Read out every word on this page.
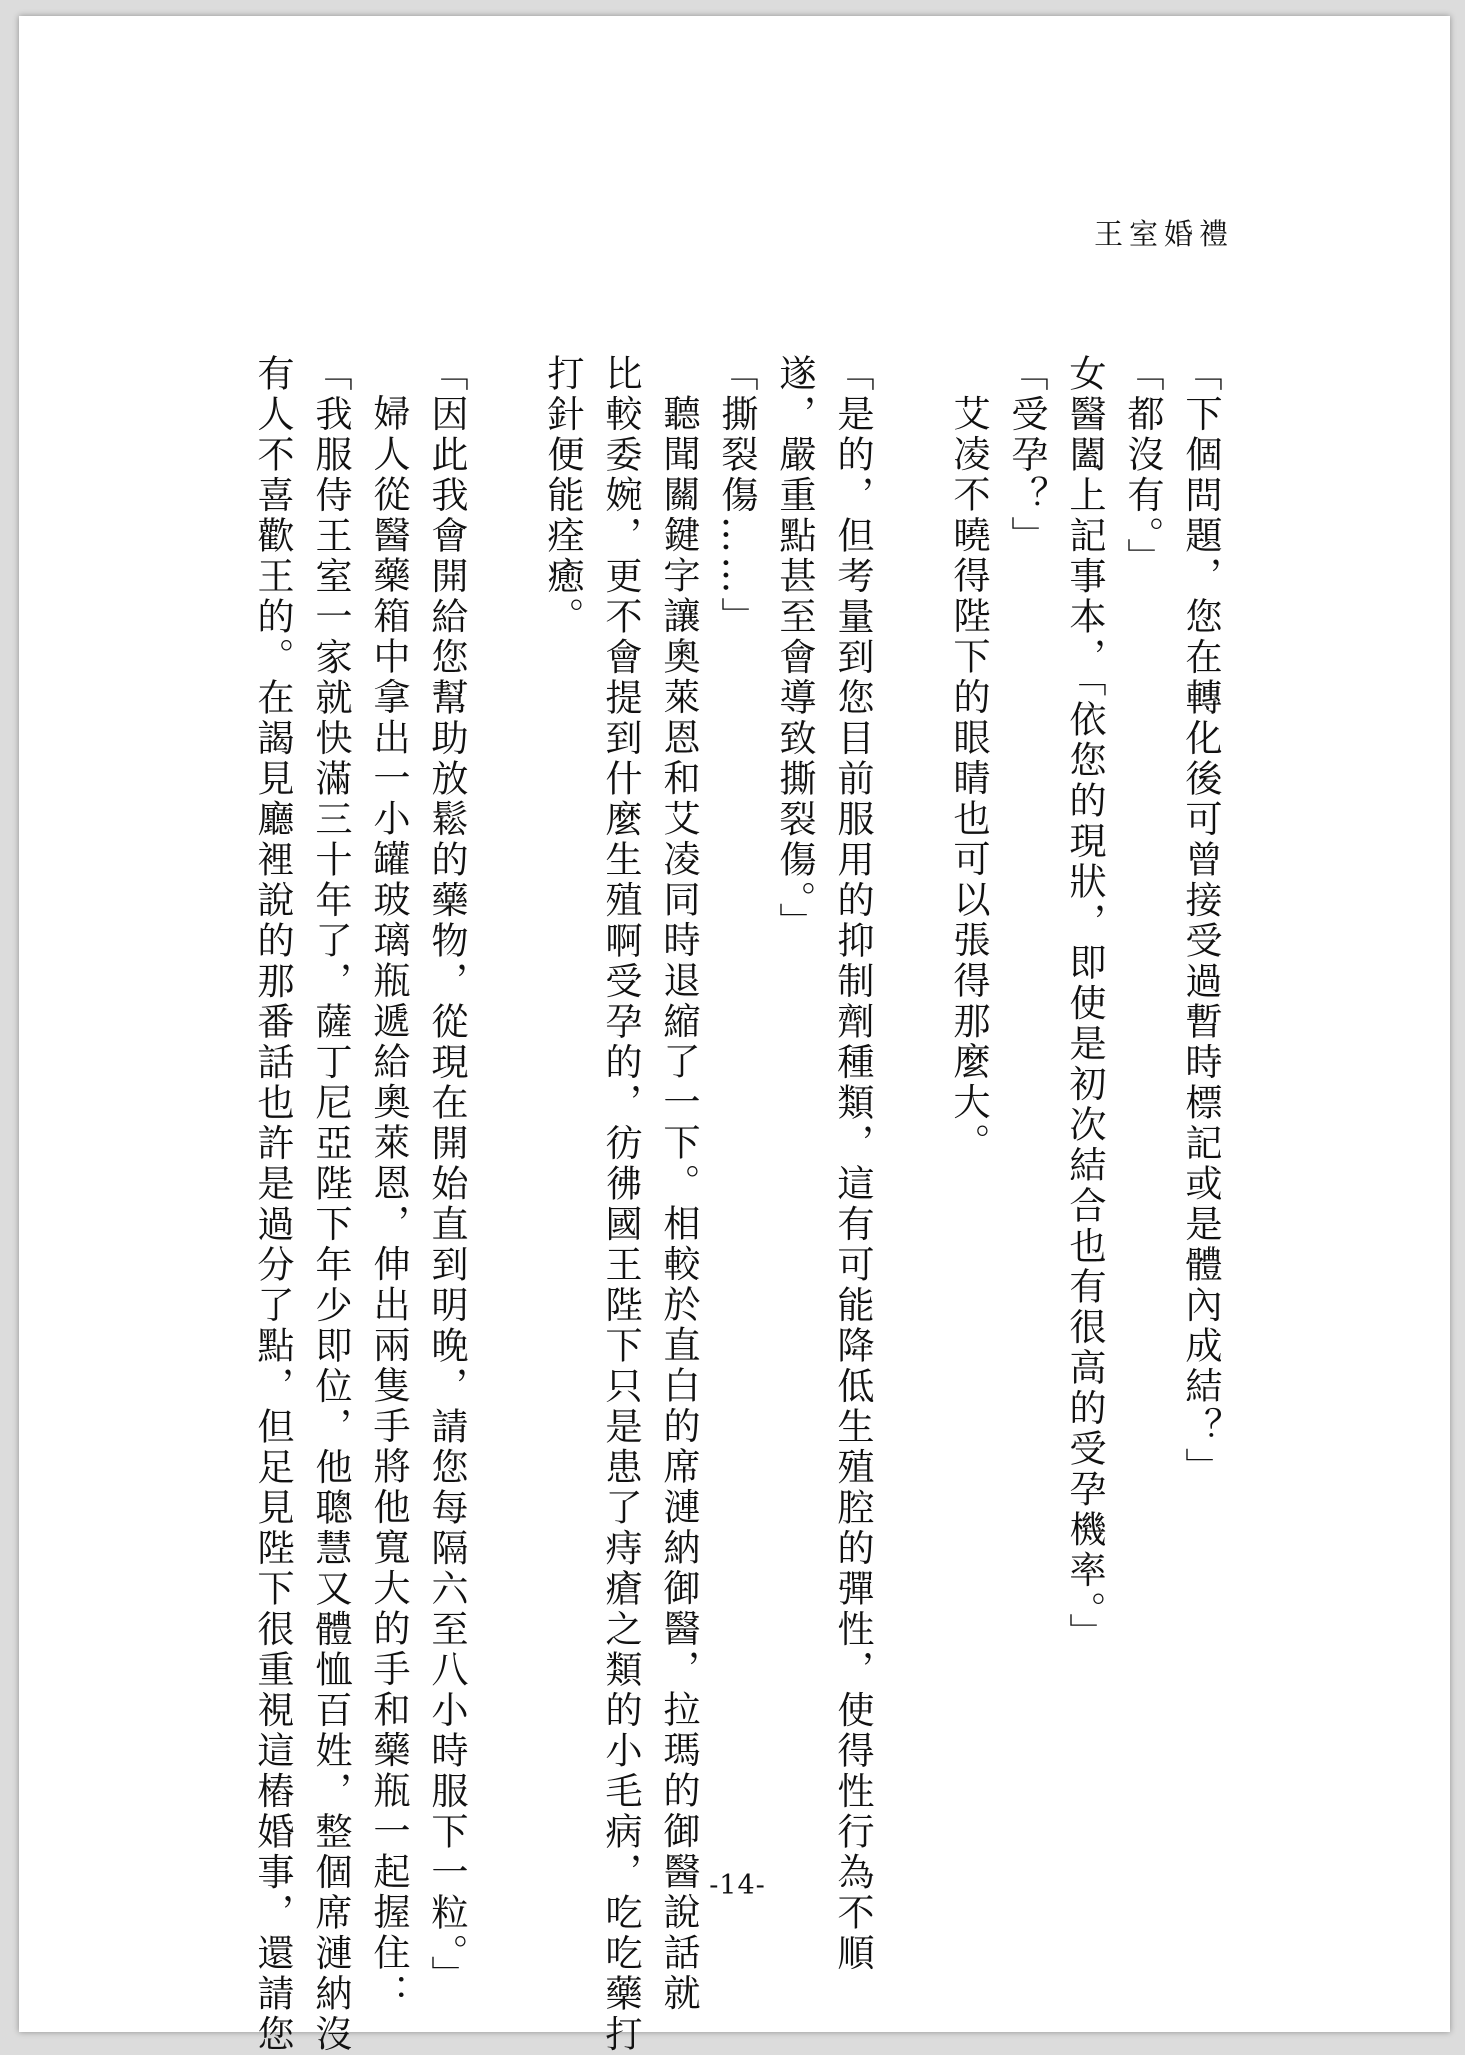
王室婚禮
「下個問題，您在轉化後可曾接受過暫時標記或是體內成結？」
「都沒有。」
女醫闔上記事本，「依您的現狀，即使是初次結合也有很高的受孕機率。」
「受孕？」
艾凌不曉得陛下的眼睛也可以張得那麼大。
「是的，但考量到您目前服用的抑制劑種類，這有可能降低生殖腔的彈性，使得性行為不順
遂，嚴重點甚至會導致撕裂傷。」
「撕裂傷……」
聽聞關鍵字讓奧萊恩和艾凌同時退縮了一下。相較於直白的席漣納御醫，拉瑪的御醫說話就
比較委婉，更不會提到什麼生殖啊受孕的，彷彿國王陛下只是患了痔瘡之類的小毛病，吃吃藥打
打針便能痊癒。
「因此我會開給您幫助放鬆的藥物，從現在開始直到明晚，請您每隔六至八小時服下一粒。」
婦人從醫藥箱中拿出一小罐玻璃瓶遞給奧萊恩，伸出兩隻手將他寬大的手和藥瓶一起握住：
「我服侍王室一家就快滿三十年了，薩丁尼亞陛下年少即位，他聰慧又體恤百姓，整個席漣納沒
有人不喜歡王的。在謁見廳裡說的那番話也許是過分了點，但足見陛下很重視這樁婚事，還請您	-14-
